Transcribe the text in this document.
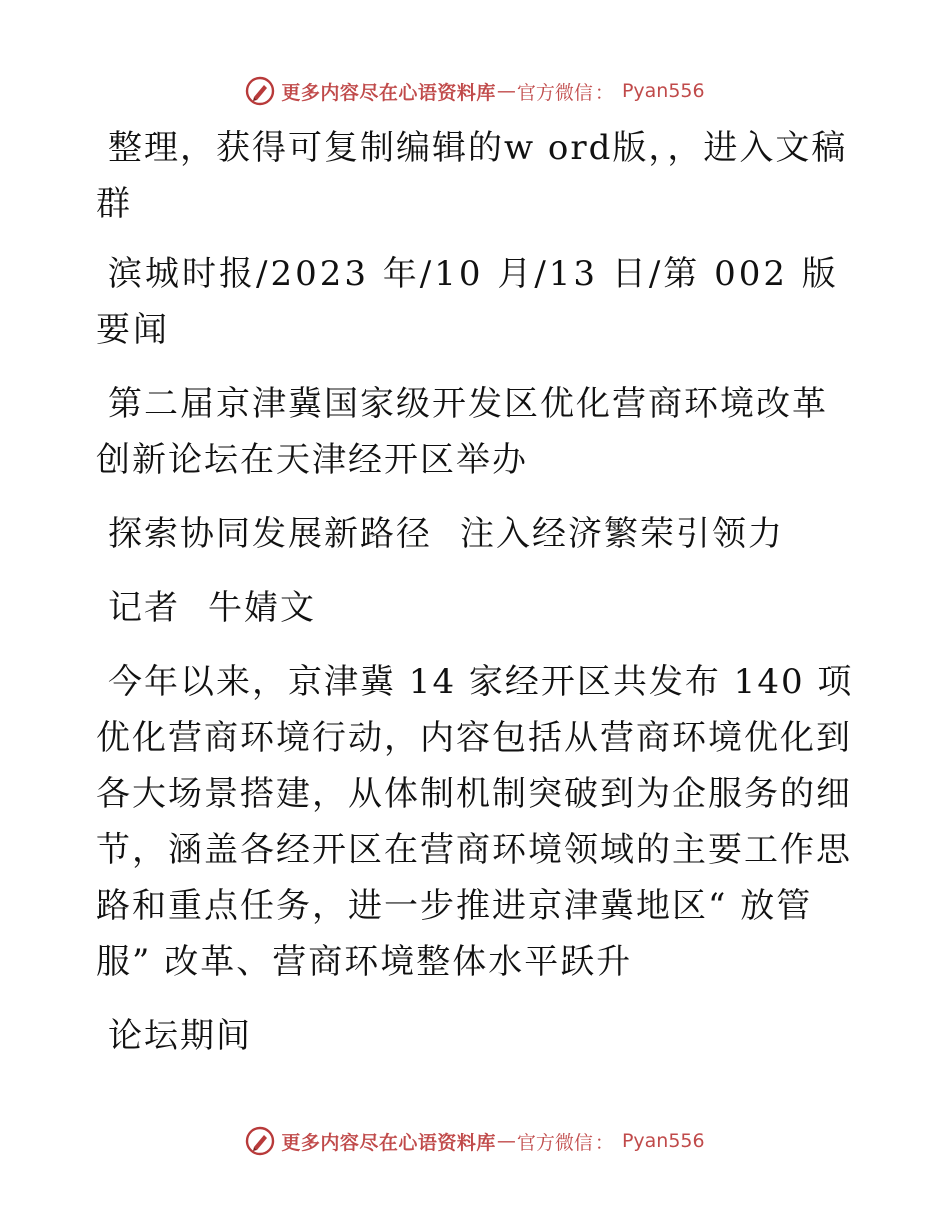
更多内容尽在心语资料库 — 官方微信 ： Pyan556

整理，获得可复制编辑的w ord版，，进入文稿群

滨城时报/2023 年/10 月/13 日/第 002 版要闻

第二届京津冀国家级开发区优化营商环境改革创新论坛在天津经开区举办

探索协同发展新路径 注入经济繁荣引领力

记者 牛婧文

今年以来，京津冀 14 家经开区共发布 140 项优化营商环境行动，内容包括从营商环境优化到各大场景搭建，从体制机制突破到为企服务的细节，涵盖各经开区在营商环境领域的主要工作思路和重点任务，进一步推进京津冀地区“ 放管服” 改革、营商环境整体水平跃升

论坛期间

更多内容尽在心语资料库 — 官方微信 ： Pyan556
